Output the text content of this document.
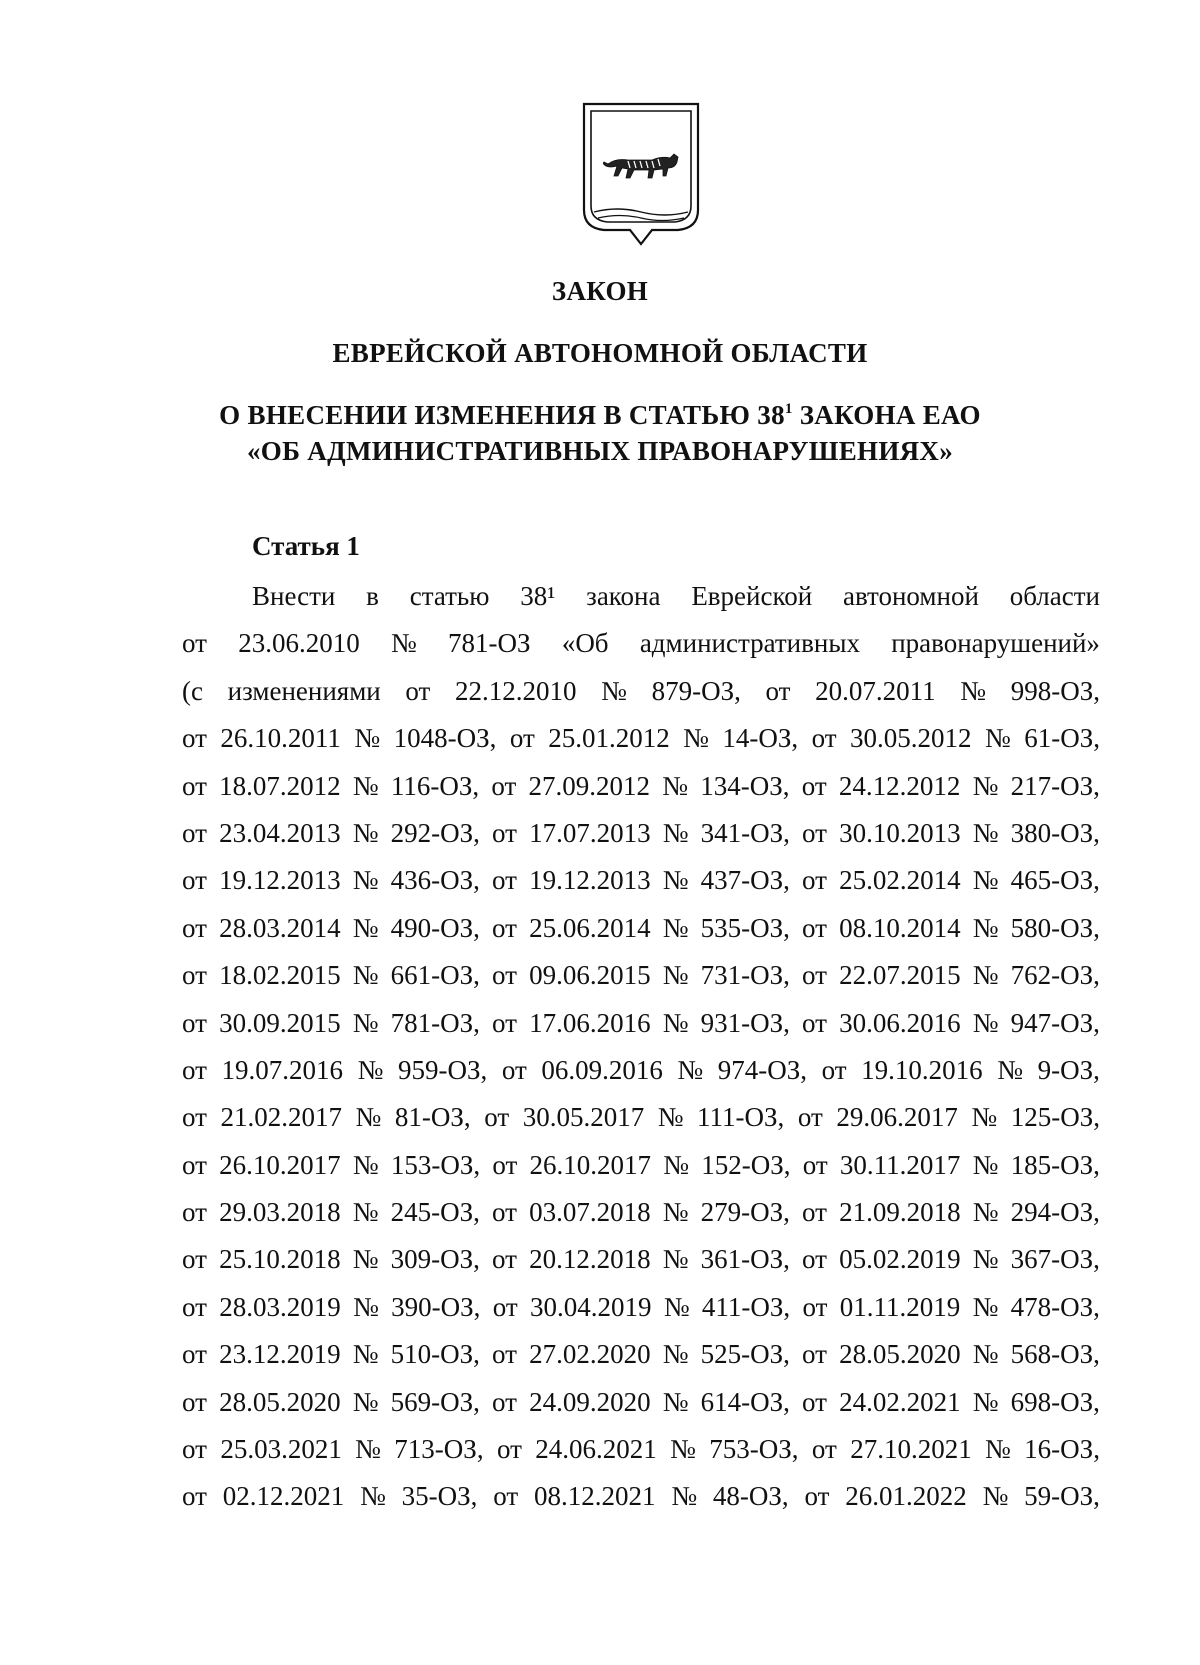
ЗАКОН
ЕВРЕЙСКОЙ АВТОНОМНОЙ ОБЛАСТИ
О ВНЕСЕНИИ ИЗМЕНЕНИЯ В СТАТЬЮ $38^1$ ЗАКОНА ЕАО
«ОБ АДМИНИСТРАТИВНЫХ ПРАВОНАРУШЕНИЯХ»
Статья 1
Внести в статью 38¹ закона Еврейской автономной области
от 23.06.2010 № 781-ОЗ «Об административных правонарушений»
(с изменениями от 22.12.2010 № 879-ОЗ, от 20.07.2011 № 998-ОЗ,
от 26.10.2011 № 1048-ОЗ, от 25.01.2012 № 14-ОЗ, от 30.05.2012 № 61-ОЗ,
от 18.07.2012 № 116-ОЗ, от 27.09.2012 № 134-ОЗ, от 24.12.2012 № 217-ОЗ,
от 23.04.2013 № 292-ОЗ, от 17.07.2013 № 341-ОЗ, от 30.10.2013 № 380-ОЗ,
от 19.12.2013 № 436-ОЗ, от 19.12.2013 № 437-ОЗ, от 25.02.2014 № 465-ОЗ,
от 28.03.2014 № 490-ОЗ, от 25.06.2014 № 535-ОЗ, от 08.10.2014 № 580-ОЗ,
от 18.02.2015 № 661-ОЗ, от 09.06.2015 № 731-ОЗ, от 22.07.2015 № 762-ОЗ,
от 30.09.2015 № 781-ОЗ, от 17.06.2016 № 931-ОЗ, от 30.06.2016 № 947-ОЗ,
от 19.07.2016 № 959-ОЗ, от 06.09.2016 № 974-ОЗ, от 19.10.2016 № 9-ОЗ,
от 21.02.2017 № 81-ОЗ, от 30.05.2017 № 111-ОЗ, от 29.06.2017 № 125-ОЗ,
от 26.10.2017 № 153-ОЗ, от 26.10.2017 № 152-ОЗ, от 30.11.2017 № 185-ОЗ,
от 29.03.2018 № 245-ОЗ, от 03.07.2018 № 279-ОЗ, от 21.09.2018 № 294-ОЗ,
от 25.10.2018 № 309-ОЗ, от 20.12.2018 № 361-ОЗ, от 05.02.2019 № 367-ОЗ,
от 28.03.2019 № 390-ОЗ, от 30.04.2019 № 411-ОЗ, от 01.11.2019 № 478-ОЗ,
от 23.12.2019 № 510-ОЗ, от 27.02.2020 № 525-ОЗ, от 28.05.2020 № 568-ОЗ,
от 28.05.2020 № 569-ОЗ, от 24.09.2020 № 614-ОЗ, от 24.02.2021 № 698-ОЗ,
от 25.03.2021 № 713-ОЗ, от 24.06.2021 № 753-ОЗ, от 27.10.2021 № 16-ОЗ,
от 02.12.2021 № 35-ОЗ, от 08.12.2021 № 48-ОЗ, от 26.01.2022 № 59-ОЗ,
